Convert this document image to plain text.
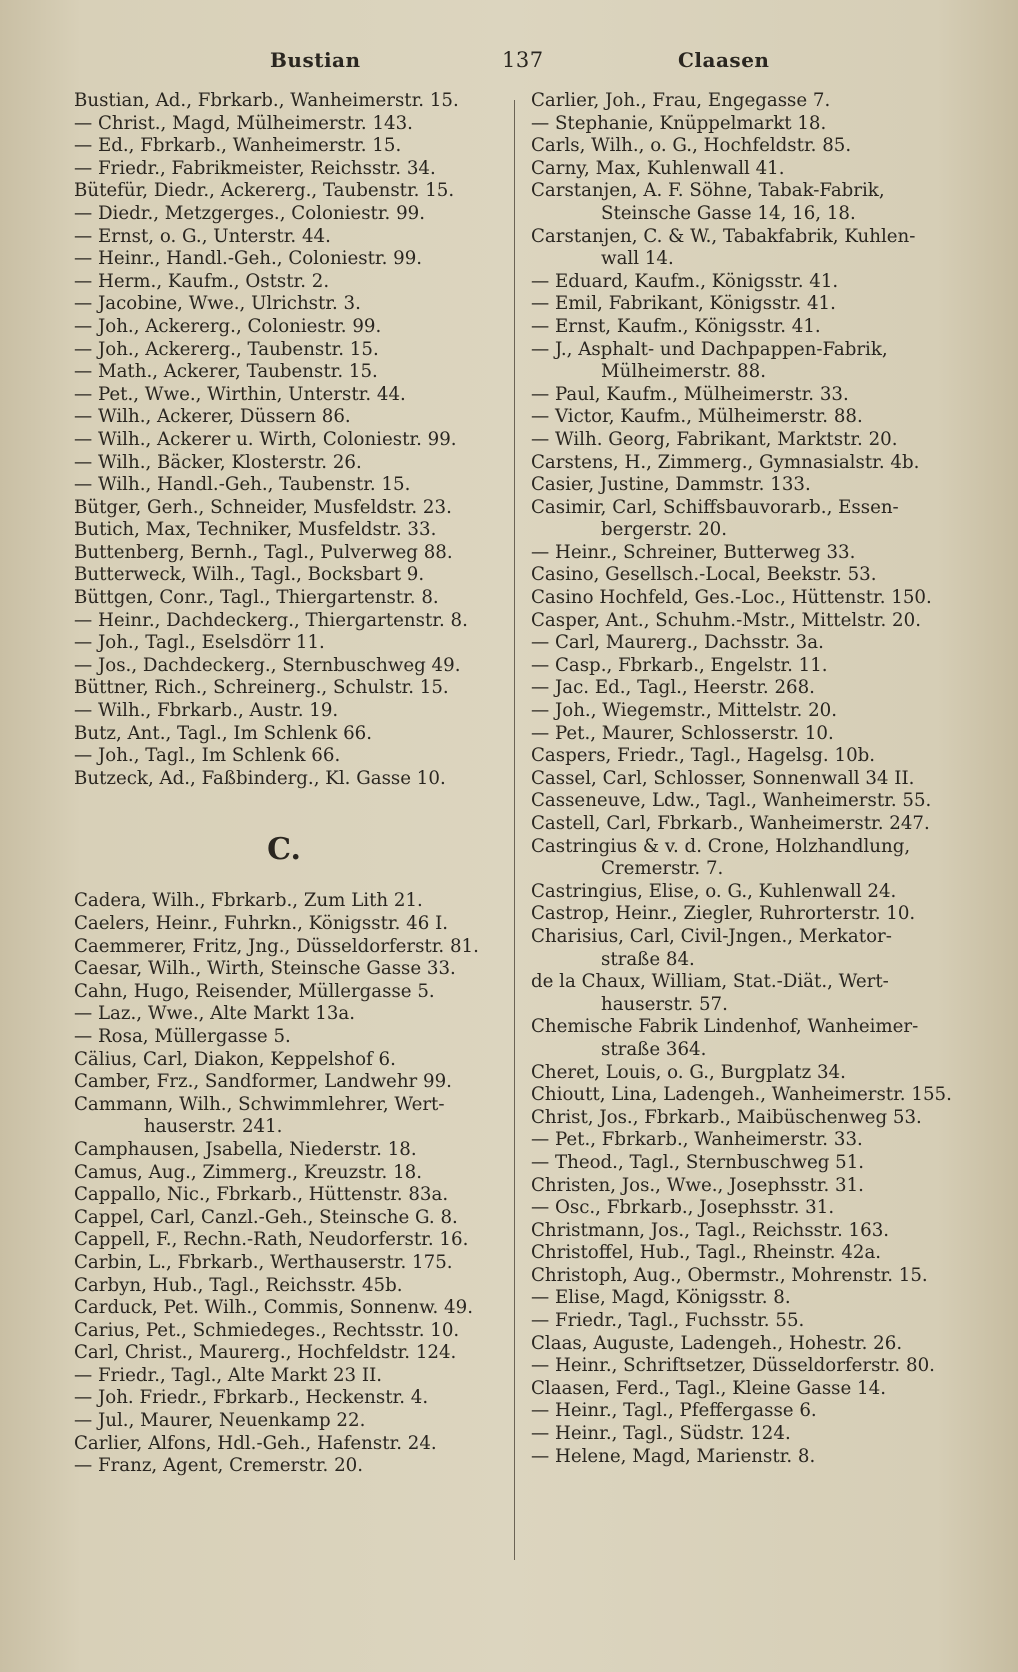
Bustian	137	Claasen
Bustian, Ad., Fbrkarb., Wanheimerstr. 15.
— Christ., Magd, Mülheimerstr. 143.
— Ed., Fbrkarb., Wanheimerstr. 15.
— Friedr., Fabrikmeister, Reichsstr. 34.
Bütefür, Diedr., Ackererg., Taubenstr. 15.
— Diedr., Metzgerges., Coloniestr. 99.
— Ernst, o. G., Unterstr. 44.
— Heinr., Handl.-Geh., Coloniestr. 99.
— Herm., Kaufm., Oststr. 2.
— Jacobine, Wwe., Ulrichstr. 3.
— Joh., Ackererg., Coloniestr. 99.
— Joh., Ackererg., Taubenstr. 15.
— Math., Ackerer, Taubenstr. 15.
— Pet., Wwe., Wirthin, Unterstr. 44.
— Wilh., Ackerer, Düssern 86.
— Wilh., Ackerer u. Wirth, Coloniestr. 99.
— Wilh., Bäcker, Klosterstr. 26.
— Wilh., Handl.-Geh., Taubenstr. 15.
Bütger, Gerh., Schneider, Musfeldstr. 23.
Butich, Max, Techniker, Musfeldstr. 33.
Buttenberg, Bernh., Tagl., Pulverweg 88.
Butterweck, Wilh., Tagl., Bocksbart 9.
Büttgen, Conr., Tagl., Thiergartenstr. 8.
— Heinr., Dachdeckerg., Thiergartenstr. 8.
— Joh., Tagl., Eselsdörr 11.
— Jos., Dachdeckerg., Sternbuschweg 49.
Büttner, Rich., Schreinerg., Schulstr. 15.
— Wilh., Fbrkarb., Austr. 19.
Butz, Ant., Tagl., Im Schlenk 66.
— Joh., Tagl., Im Schlenk 66.
Butzeck, Ad., Faßbinderg., Kl. Gasse 10.
C.
Cadera, Wilh., Fbrkarb., Zum Lith 21.
Caelers, Heinr., Fuhrkn., Königsstr. 46 I.
Caemmerer, Fritz, Jng., Düsseldorferstr. 81.
Caesar, Wilh., Wirth, Steinsche Gasse 33.
Cahn, Hugo, Reisender, Müllergasse 5.
— Laz., Wwe., Alte Markt 13a.
— Rosa, Müllergasse 5.
Cälius, Carl, Diakon, Keppelshof 6.
Camber, Frz., Sandformer, Landwehr 99.
Cammann, Wilh., Schwimmlehrer, Wert-
hauserstr. 241.
Camphausen, Jsabella, Niederstr. 18.
Camus, Aug., Zimmerg., Kreuzstr. 18.
Cappallo, Nic., Fbrkarb., Hüttenstr. 83a.
Cappel, Carl, Canzl.-Geh., Steinsche G. 8.
Cappell, F., Rechn.-Rath, Neudorferstr. 16.
Carbin, L., Fbrkarb., Werthauserstr. 175.
Carbyn, Hub., Tagl., Reichsstr. 45b.
Carduck, Pet. Wilh., Commis, Sonnenw. 49.
Carius, Pet., Schmiedeges., Rechtsstr. 10.
Carl, Christ., Maurerg., Hochfeldstr. 124.
— Friedr., Tagl., Alte Markt 23 II.
— Joh. Friedr., Fbrkarb., Heckenstr. 4.
— Jul., Maurer, Neuenkamp 22.
Carlier, Alfons, Hdl.-Geh., Hafenstr. 24.
— Franz, Agent, Cremerstr. 20.
Carlier, Joh., Frau, Engegasse 7.
— Stephanie, Knüppelmarkt 18.
Carls, Wilh., o. G., Hochfeldstr. 85.
Carny, Max, Kuhlenwall 41.
Carstanjen, A. F. Söhne, Tabak-Fabrik,
Steinsche Gasse 14, 16, 18.
Carstanjen, C. & W., Tabakfabrik, Kuhlen-
wall 14.
— Eduard, Kaufm., Königsstr. 41.
— Emil, Fabrikant, Königsstr. 41.
— Ernst, Kaufm., Königsstr. 41.
— J., Asphalt- und Dachpappen-Fabrik,
Mülheimerstr. 88.
— Paul, Kaufm., Mülheimerstr. 33.
— Victor, Kaufm., Mülheimerstr. 88.
— Wilh. Georg, Fabrikant, Marktstr. 20.
Carstens, H., Zimmerg., Gymnasialstr. 4b.
Casier, Justine, Dammstr. 133.
Casimir, Carl, Schiffsbauvorarb., Essen-
bergerstr. 20.
— Heinr., Schreiner, Butterweg 33.
Casino, Gesellsch.-Local, Beekstr. 53.
Casino Hochfeld, Ges.-Loc., Hüttenstr. 150.
Casper, Ant., Schuhm.-Mstr., Mittelstr. 20.
— Carl, Maurerg., Dachsstr. 3a.
— Casp., Fbrkarb., Engelstr. 11.
— Jac. Ed., Tagl., Heerstr. 268.
— Joh., Wiegemstr., Mittelstr. 20.
— Pet., Maurer, Schlosserstr. 10.
Caspers, Friedr., Tagl., Hagelsg. 10b.
Cassel, Carl, Schlosser, Sonnenwall 34 II.
Casseneuve, Ldw., Tagl., Wanheimerstr. 55.
Castell, Carl, Fbrkarb., Wanheimerstr. 247.
Castringius & v. d. Crone, Holzhandlung,
Cremerstr. 7.
Castringius, Elise, o. G., Kuhlenwall 24.
Castrop, Heinr., Ziegler, Ruhrorterstr. 10.
Charisius, Carl, Civil-Jngen., Merkator-
straße 84.
de la Chaux, William, Stat.-Diät., Wert-
hauserstr. 57.
Chemische Fabrik Lindenhof, Wanheimer-
straße 364.
Cheret, Louis, o. G., Burgplatz 34.
Chioutt, Lina, Ladengeh., Wanheimerstr. 155.
Christ, Jos., Fbrkarb., Maibüschenweg 53.
— Pet., Fbrkarb., Wanheimerstr. 33.
— Theod., Tagl., Sternbuschweg 51.
Christen, Jos., Wwe., Josephsstr. 31.
— Osc., Fbrkarb., Josephsstr. 31.
Christmann, Jos., Tagl., Reichsstr. 163.
Christoffel, Hub., Tagl., Rheinstr. 42a.
Christoph, Aug., Obermstr., Mohrenstr. 15.
— Elise, Magd, Königsstr. 8.
— Friedr., Tagl., Fuchsstr. 55.
Claas, Auguste, Ladengeh., Hohestr. 26.
— Heinr., Schriftsetzer, Düsseldorferstr. 80.
Claasen, Ferd., Tagl., Kleine Gasse 14.
— Heinr., Tagl., Pfeffergasse 6.
— Heinr., Tagl., Südstr. 124.
— Helene, Magd, Marienstr. 8.
